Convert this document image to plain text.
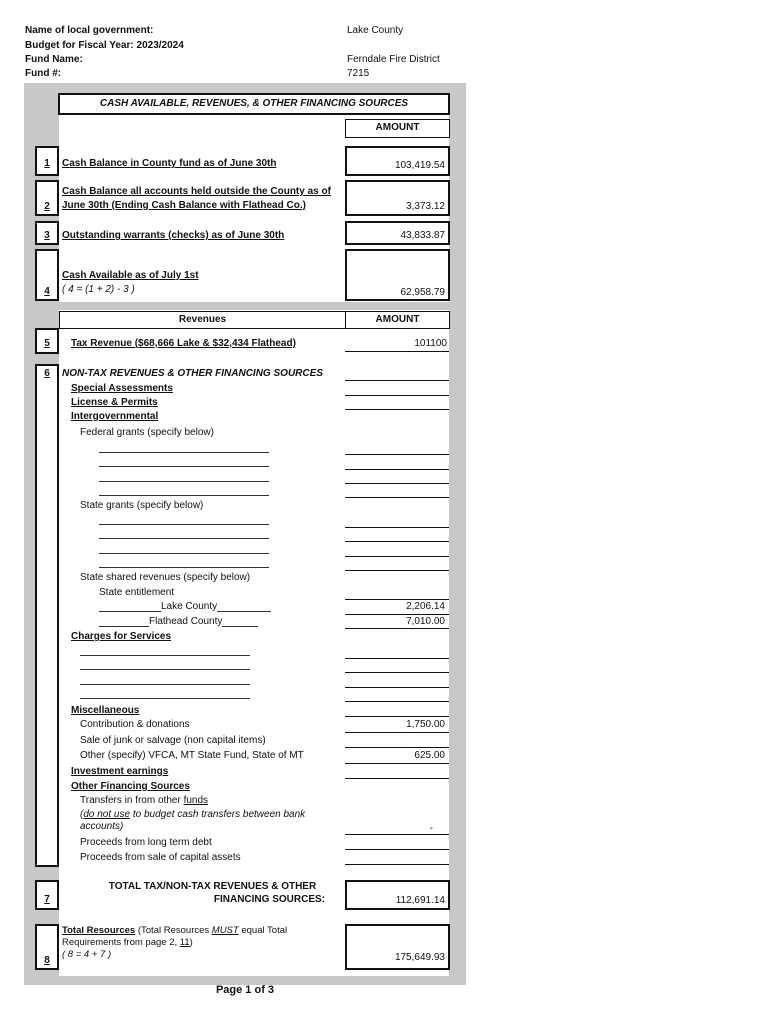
Name of local government:	Lake County
Budget for Fiscal Year: 2023/2024
Fund Name:	Ferndale Fire District
Fund #:	7215
CASH AVAILABLE, REVENUES, & OTHER FINANCING SOURCES
AMOUNT
1	Cash Balance in County fund as of June 30th	103,419.54
2
Cash Balance all accounts held outside the County as of
June 30th (Ending Cash Balance with Flathead Co.)	3,373.12
3	Outstanding warrants (checks) as of June 30th	43,833.87
4
Cash Available as of July 1st
( 4 = (1 + 2) - 3 )	62,958.79
Revenues	AMOUNT
5	Tax Revenue ($68,666 Lake & $32,434 Flathead)	101100
6	NON-TAX REVENUES & OTHER FINANCING SOURCES
Special Assessments
License & Permits
Intergovernmental
Federal grants (specify below)
State grants (specify below)
State shared revenues (specify below)
State entitlement
Lake County	2,206.14
Flathead County	7,010.00
Charges for Services
Miscellaneous
Contribution & donations	1,750.00
Sale of junk or salvage (non capital items)
Other (specify) VFCA, MT State Fund, State of MT	625.00
Investment earnings
Other Financing Sources
Transfers in from other funds
(do not use to budget cash transfers between bank
accounts)	-
Proceeds from long term debt
Proceeds from sale of capital assets
7
TOTAL TAX/NON-TAX REVENUES & OTHER
FINANCING SOURCES:	112,691.14
8
Total Resources (Total Resources MUST equal Total
Requirements from page 2, 11)
( 8 = 4 + 7 )	175,649.93
Page 1 of 3
